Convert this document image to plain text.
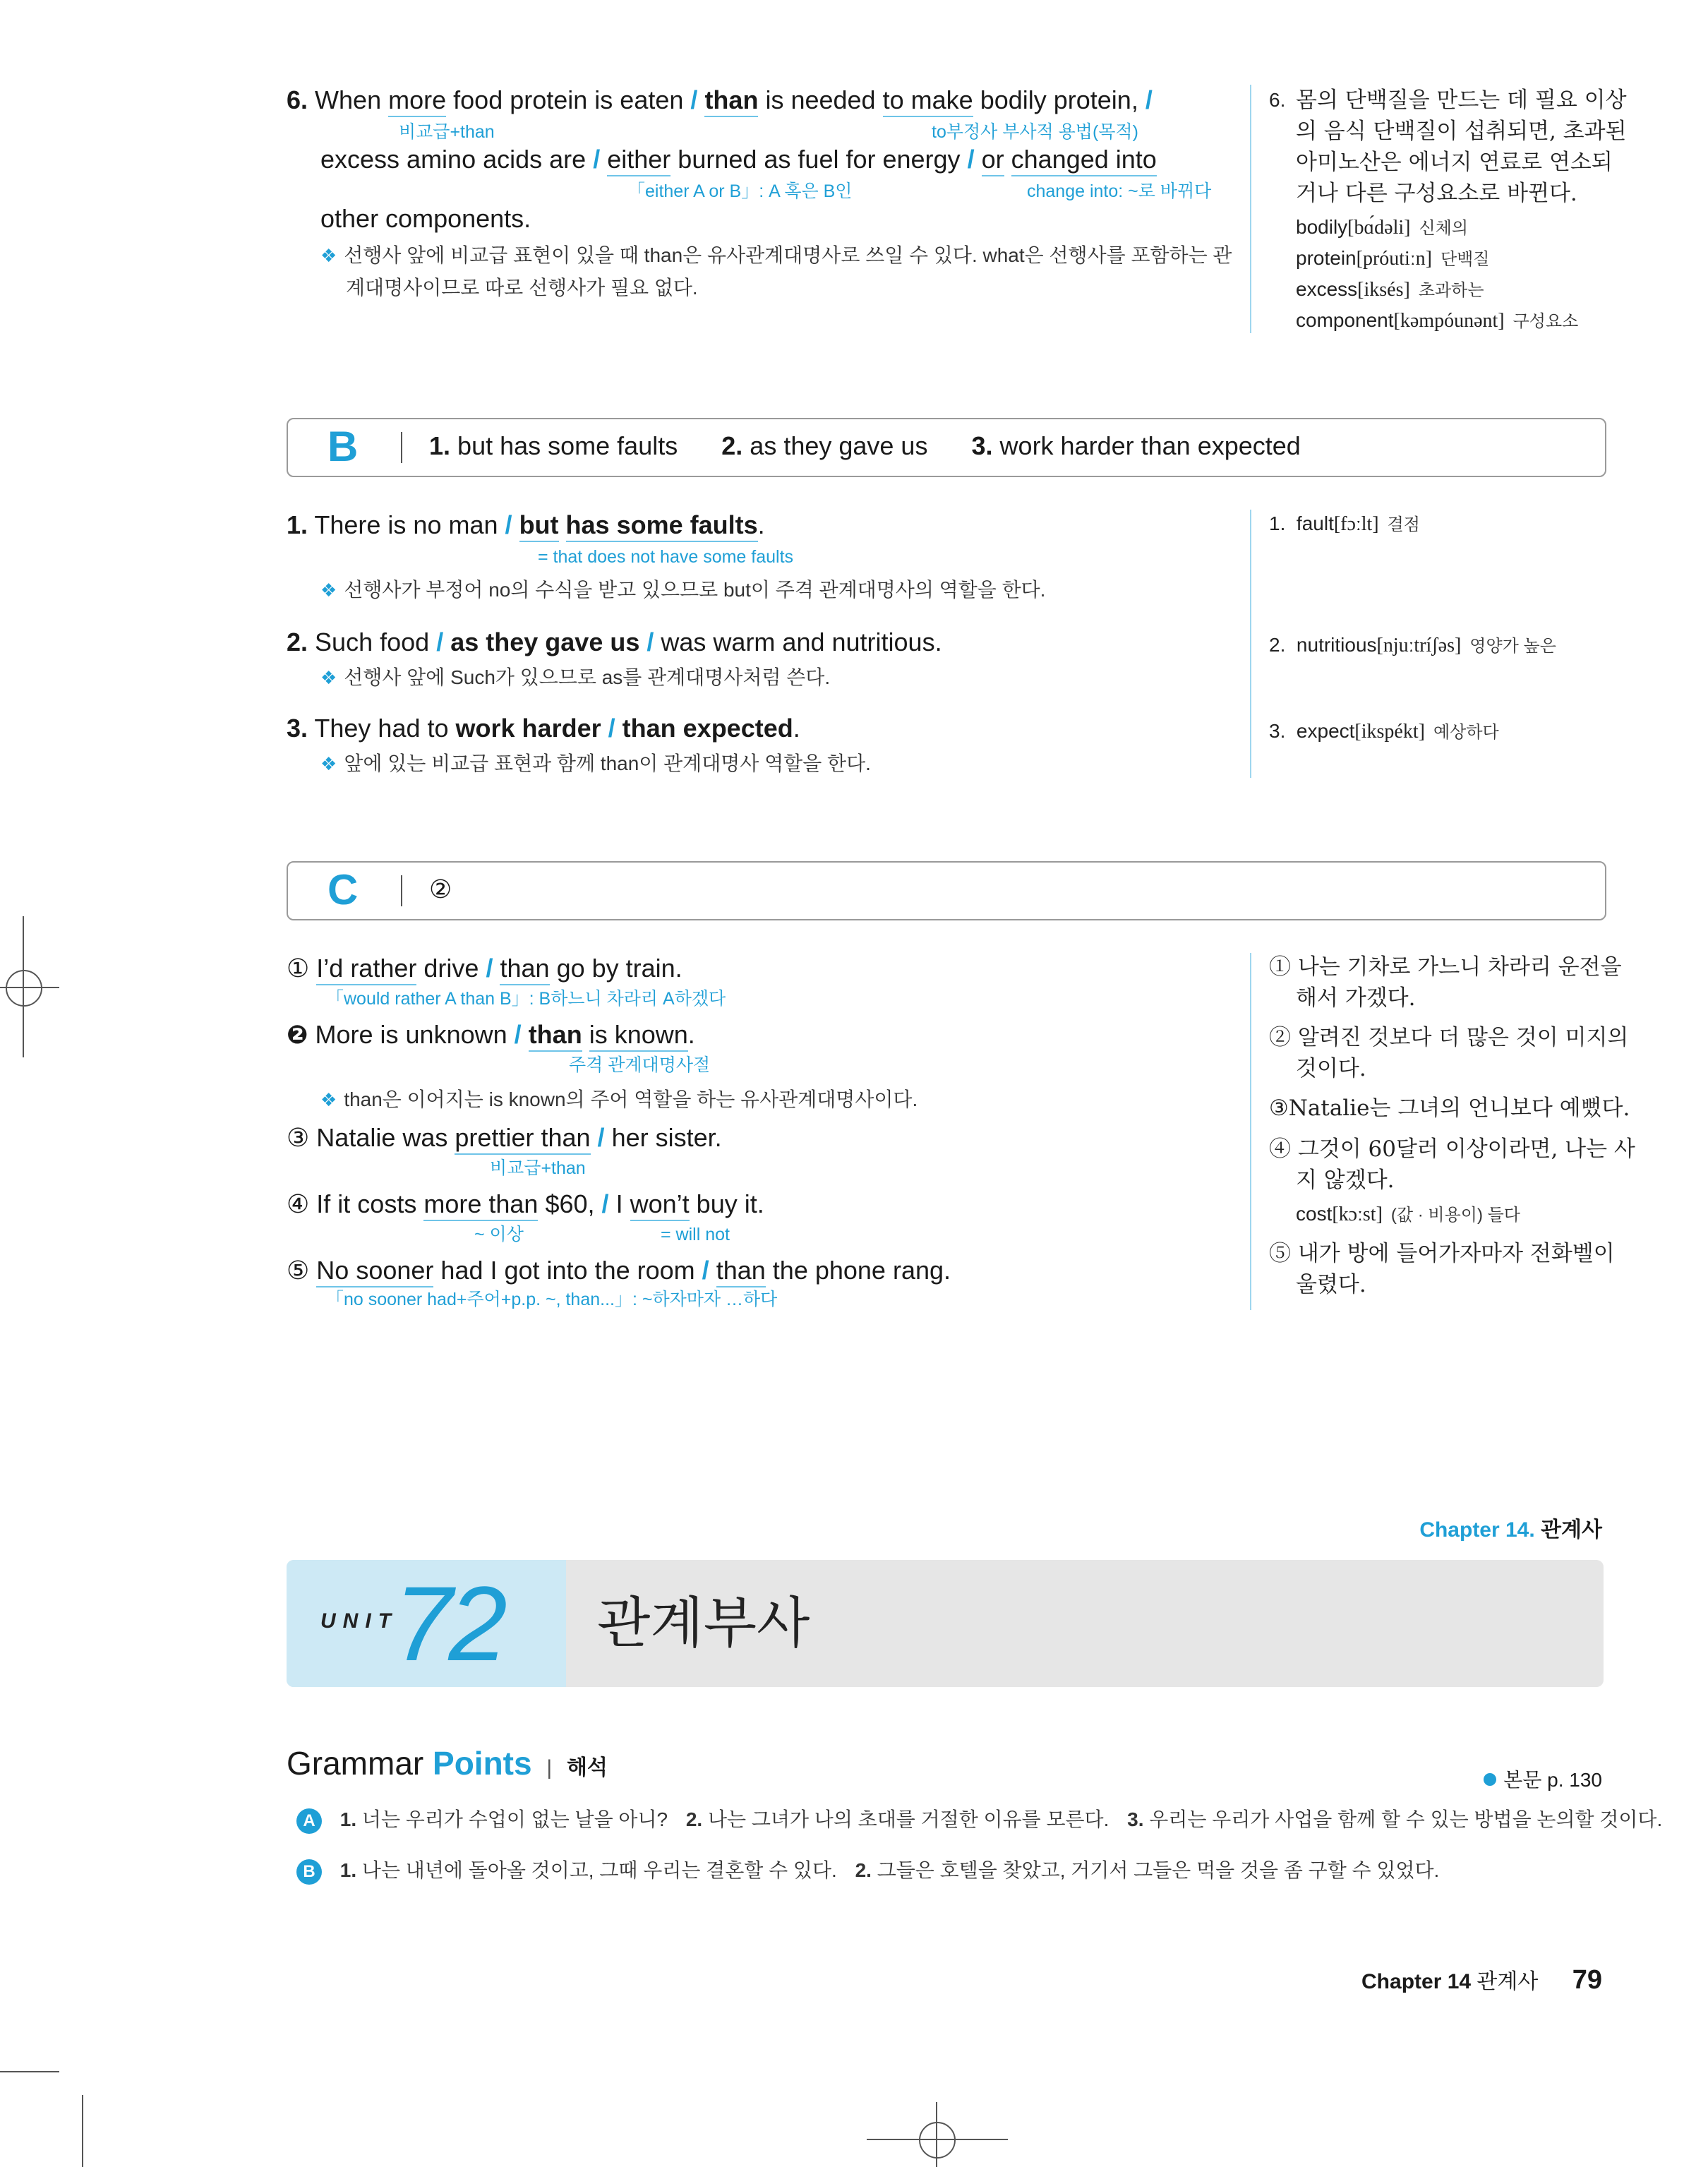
6. When more food protein is eaten / than is needed to make bodily protein, /
비교급+than	to부정사 부사적 용법(목적)
excess amino acids are / either burned as fuel for energy / or changed into
「either A or B」: A 혹은 B인	change into: ~로 바뀌다
other components.
❖ 선행사 앞에 비교급 표현이 있을 때 than은 유사관계대명사로 쓰일 수 있다. what은 선행사를 포함하는 관
계대명사이므로 따로 선행사가 필요 없다.
6. 몸의 단백질을 만드는 데 필요 이상
의 음식 단백질이 섭취되면, 초과된
아미노산은 에너지 연료로 연소되
거나 다른 구성요소로 바뀐다.
bodily[bɑ́dəli] 신체의
protein[próutiːn] 단백질
excess[iksés] 초과하는
component[kəmpóunənt] 구성요소
B	1. but has some faults 2. as they gave us 3. work harder than expected
1. There is no man / but has some faults.
= that does not have some faults
❖ 선행사가 부정어 no의 수식을 받고 있으므로 but이 주격 관계대명사의 역할을 한다.
2. Such food / as they gave us / was warm and nutritious.
❖ 선행사 앞에 Such가 있으므로 as를 관계대명사처럼 쓴다.
3. They had to work harder / than expected.
❖ 앞에 있는 비교급 표현과 함께 than이 관계대명사 역할을 한다.
1. fault[fɔːlt] 결점
2. nutritious[njuːtríʃəs] 영양가 높은
3. expect[ikspékt] 예상하다
C	②
① I’d rather drive / than go by train.
「would rather A than B」: B하느니 차라리 A하겠다
❷ More is unknown / than is known.
주격 관계대명사절
❖ than은 이어지는 is known의 주어 역할을 하는 유사관계대명사이다.
③ Natalie was prettier than / her sister.
비교급+than
④ If it costs more than $60, / I won’t buy it.
~ 이상	= will not
⑤ No sooner had I got into the room / than the phone rang.
「no sooner had+주어+p.p. ~, than...」: ~하자마자 …하다
① 나는 기차로 가느니 차라리 운전을
해서 가겠다.
② 알려진 것보다 더 많은 것이 미지의
것이다.
③Natalie는 그녀의 언니보다 예뻤다.
④ 그것이 60달러 이상이라면, 나는 사
지 않겠다.
cost[kɔːst] (값 · 비용이) 들다
⑤ 내가 방에 들어가자마자 전화벨이
울렸다.
Chapter 14. 관계사
UNIT
72 관계부사
Grammar Points | 해석
본문 p. 130
A 1. 너는 우리가 수업이 없는 날을 아니? 2. 나는 그녀가 나의 초대를 거절한 이유를 모른다. 3. 우리는 우리가 사업을 함께 할 수 있는 방법을 논의할 것이다.
B 1. 나는 내년에 돌아올 것이고, 그때 우리는 결혼할 수 있다. 2. 그들은 호텔을 찾았고, 거기서 그들은 먹을 것을 좀 구할 수 있었다.
Chapter 14 관계사 79
